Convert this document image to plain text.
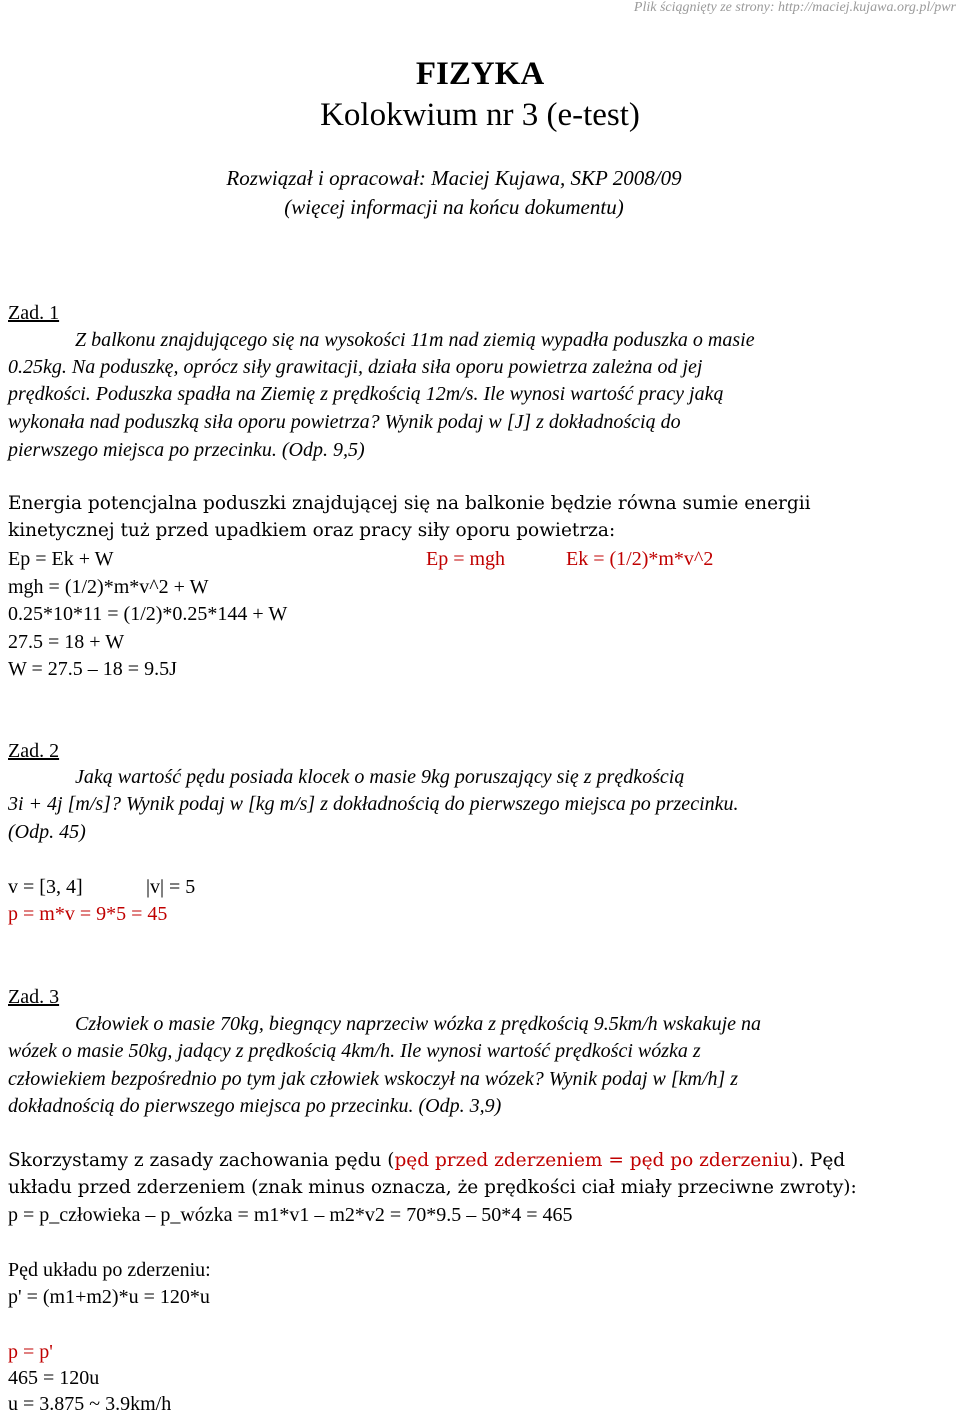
Plik ściągnięty ze strony: http://maciej.kujawa.org.pl/pwr
FIZYKA
Kolokwium nr 3 (e-test)
Rozwiązał i opracował: Maciej Kujawa, SKP 2008/09
(więcej informacji na końcu dokumentu)
Zad. 1
Z balkonu znajdującego się na wysokości 11m nad ziemią wypadła poduszka o masie
0.25kg. Na poduszkę, oprócz siły grawitacji, działa siła oporu powietrza zależna od jej
prędkości. Poduszka spadła na Ziemię z prędkością 12m/s. Ile wynosi wartość pracy jaką
wykonała nad poduszką siła oporu powietrza? Wynik podaj w [J] z dokładnością do
pierwszego miejsca po przecinku. (Odp. 9,5)
Energia potencjalna poduszki znajdującej się na balkonie będzie równa sumie energii
kinetycznej tuż przed upadkiem oraz pracy siły oporu powietrza:
Ep = Ek + W	Ep = mgh	Ek = (1/2)*m*v^2
mgh = (1/2)*m*v^2 + W
0.25*10*11 = (1/2)*0.25*144 + W
27.5 = 18 + W
W = 27.5 – 18 = 9.5J
Zad. 2
Jaką wartość pędu posiada klocek o masie 9kg poruszający się z prędkością
3i + 4j [m/s]? Wynik podaj w [kg m/s] z dokładnością do pierwszego miejsca po przecinku.
(Odp. 45)
v = [3, 4]	|v| = 5
p = m*v = 9*5 = 45
Zad. 3
Człowiek o masie 70kg, biegnący naprzeciw wózka z prędkością 9.5km/h wskakuje na
wózek o masie 50kg, jadący z prędkością 4km/h. Ile wynosi wartość prędkości wózka z
człowiekiem bezpośrednio po tym jak człowiek wskoczył na wózek? Wynik podaj w [km/h] z
dokładnością do pierwszego miejsca po przecinku. (Odp. 3,9)
Skorzystamy z zasady zachowania pędu (pęd przed zderzeniem = pęd po zderzeniu). Pęd
układu przed zderzeniem (znak minus oznacza, że prędkości ciał miały przeciwne zwroty):
p = p_człowieka – p_wózka = m1*v1 – m2*v2 = 70*9.5 – 50*4 = 465
Pęd układu po zderzeniu:
p' = (m1+m2)*u = 120*u
p = p'
465 = 120u
u = 3.875 ~ 3.9km/h
